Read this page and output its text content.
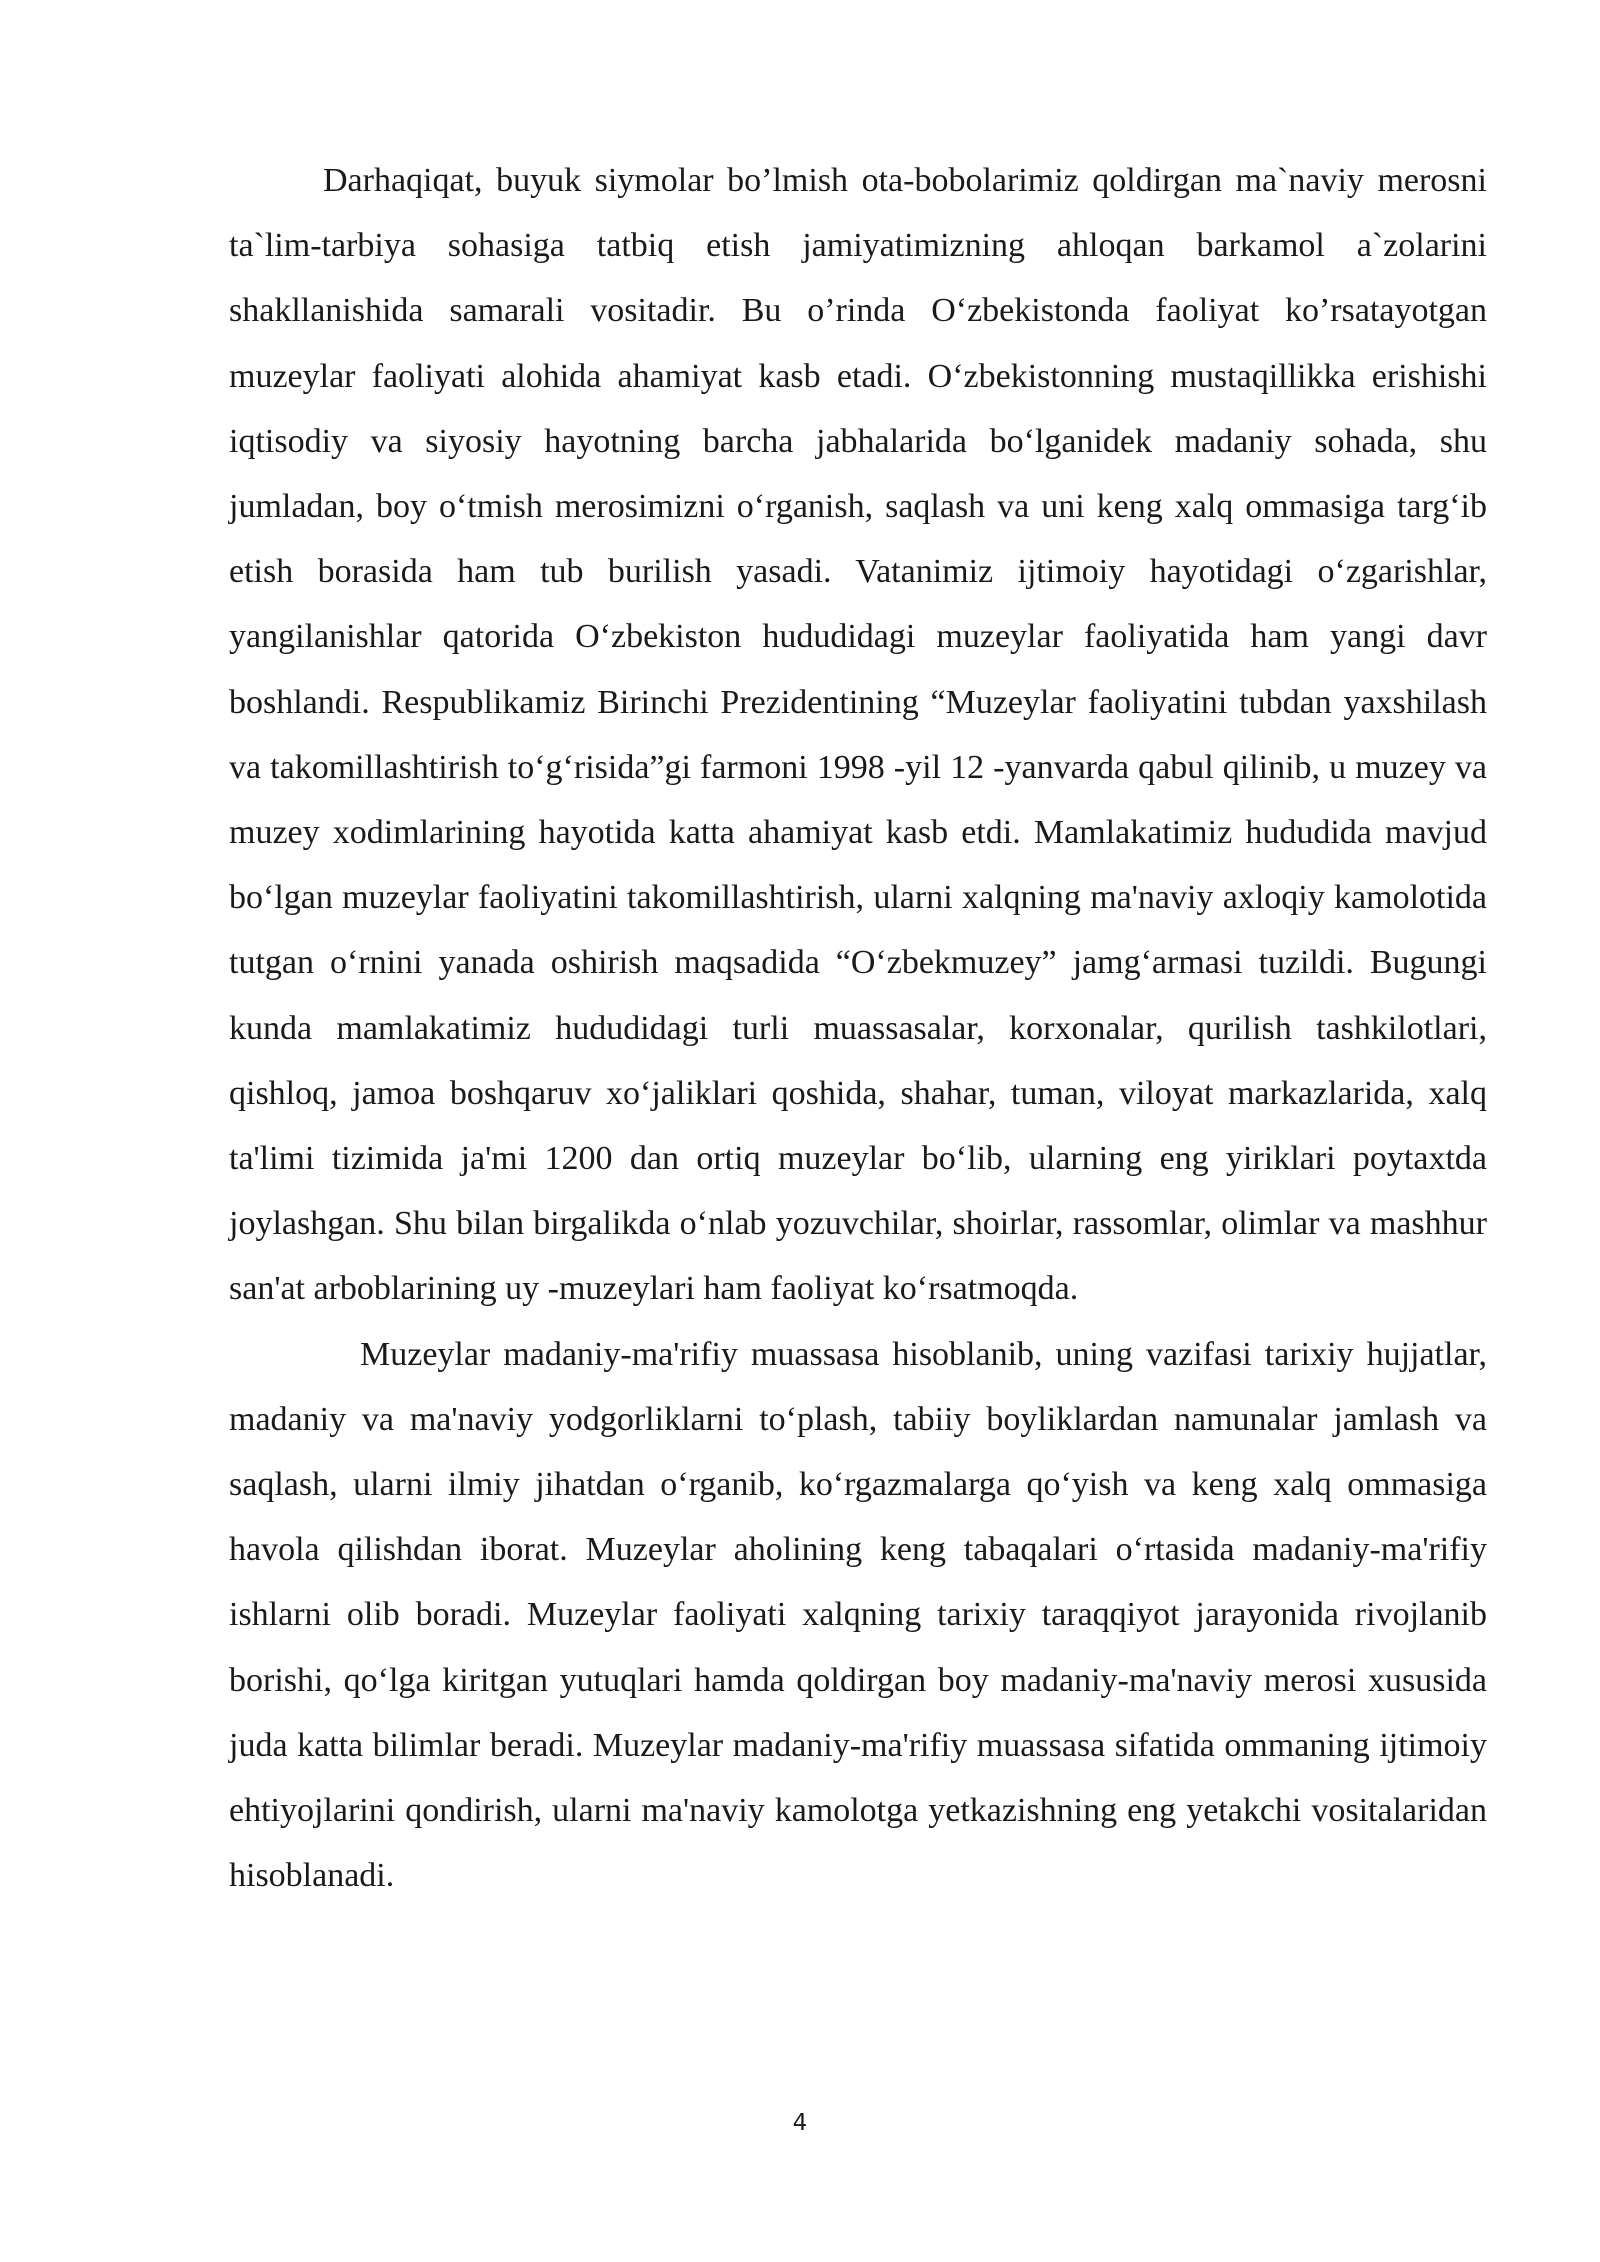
Darhaqiqat, buyuk siymolar bo’lmish ota-bobolarimiz qoldirgan ma`naviy merosni ta`lim-tarbiya sohasiga tatbiq etish jamiyatimizning ahloqan barkamol a`zolarini shakllanishida samarali vositadir. Bu o’rinda O‘zbekistonda faoliyat ko’rsatayotgan muzeylar faoliyati alohida ahamiyat kasb etadi. O‘zbekistonning mustaqillikka erishishi iqtisodiy va siyosiy hayotning barcha jabhalarida bo‘lganidek madaniy sohada, shu jumladan, boy o‘tmish merosimizni o‘rganish, saqlash va uni keng xalq ommasiga targ‘ib etish borasida ham tub burilish yasadi. Vatanimiz ijtimoiy hayotidagi o‘zgarishlar, yangilanishlar qatorida O‘zbekiston hududidagi muzeylar faoliyatida ham yangi davr boshlandi. Respublikamiz Birinchi Prezidentining “Muzeylar faoliyatini tubdan yaxshilash va takomillashtirish to‘g‘risida”gi farmoni 1998 -yil 12 -yanvarda qabul qilinib, u muzey va muzey xodimlarining hayotida katta ahamiyat kasb etdi. Mamlakatimiz hududida mavjud bo‘lgan muzeylar faoliyatini takomillashtirish, ularni xalqning ma'naviy axloqiy kamolotida tutgan o‘rnini yanada oshirish maqsadida “O‘zbekmuzey” jamg‘armasi tuzildi. Bugungi kunda mamlakatimiz hududidagi turli muassasalar, korxonalar, qurilish tashkilotlari, qishloq, jamoa boshqaruv xo‘jaliklari qoshida, shahar, tuman, viloyat markazlarida, xalq ta'limi tizimida ja'mi 1200 dan ortiq muzeylar bo‘lib, ularning eng yiriklari poytaxtda joylashgan. Shu bilan birgalikda o‘nlab yozuvchilar, shoirlar, rassomlar, olimlar va mashhur san'at arboblarining uy -muzeylari ham faoliyat ko‘rsatmoqda.

Muzeylar madaniy-ma'rifiy muassasa hisoblanib, uning vazifasi tarixiy hujjatlar, madaniy va ma'naviy yodgorliklarni to‘plash, tabiiy boyliklardan namunalar jamlash va saqlash, ularni ilmiy jihatdan o‘rganib, ko‘rgazmalarga qo‘yish va keng xalq ommasiga havola qilishdan iborat. Muzeylar aholining keng tabaqalari o‘rtasida madaniy-ma'rifiy ishlarni olib boradi. Muzeylar faoliyati xalqning tarixiy taraqqiyot jarayonida rivojlanib borishi, qo‘lga kiritgan yutuqlari hamda qoldirgan boy madaniy-ma'naviy merosi xususida juda katta bilimlar beradi. Muzeylar madaniy-ma'rifiy muassasa sifatida ommaning ijtimoiy ehtiyojlarini qondirish, ularni ma'naviy kamolotga yetkazishning eng yetakchi vositalaridan hisoblanadi.

4
